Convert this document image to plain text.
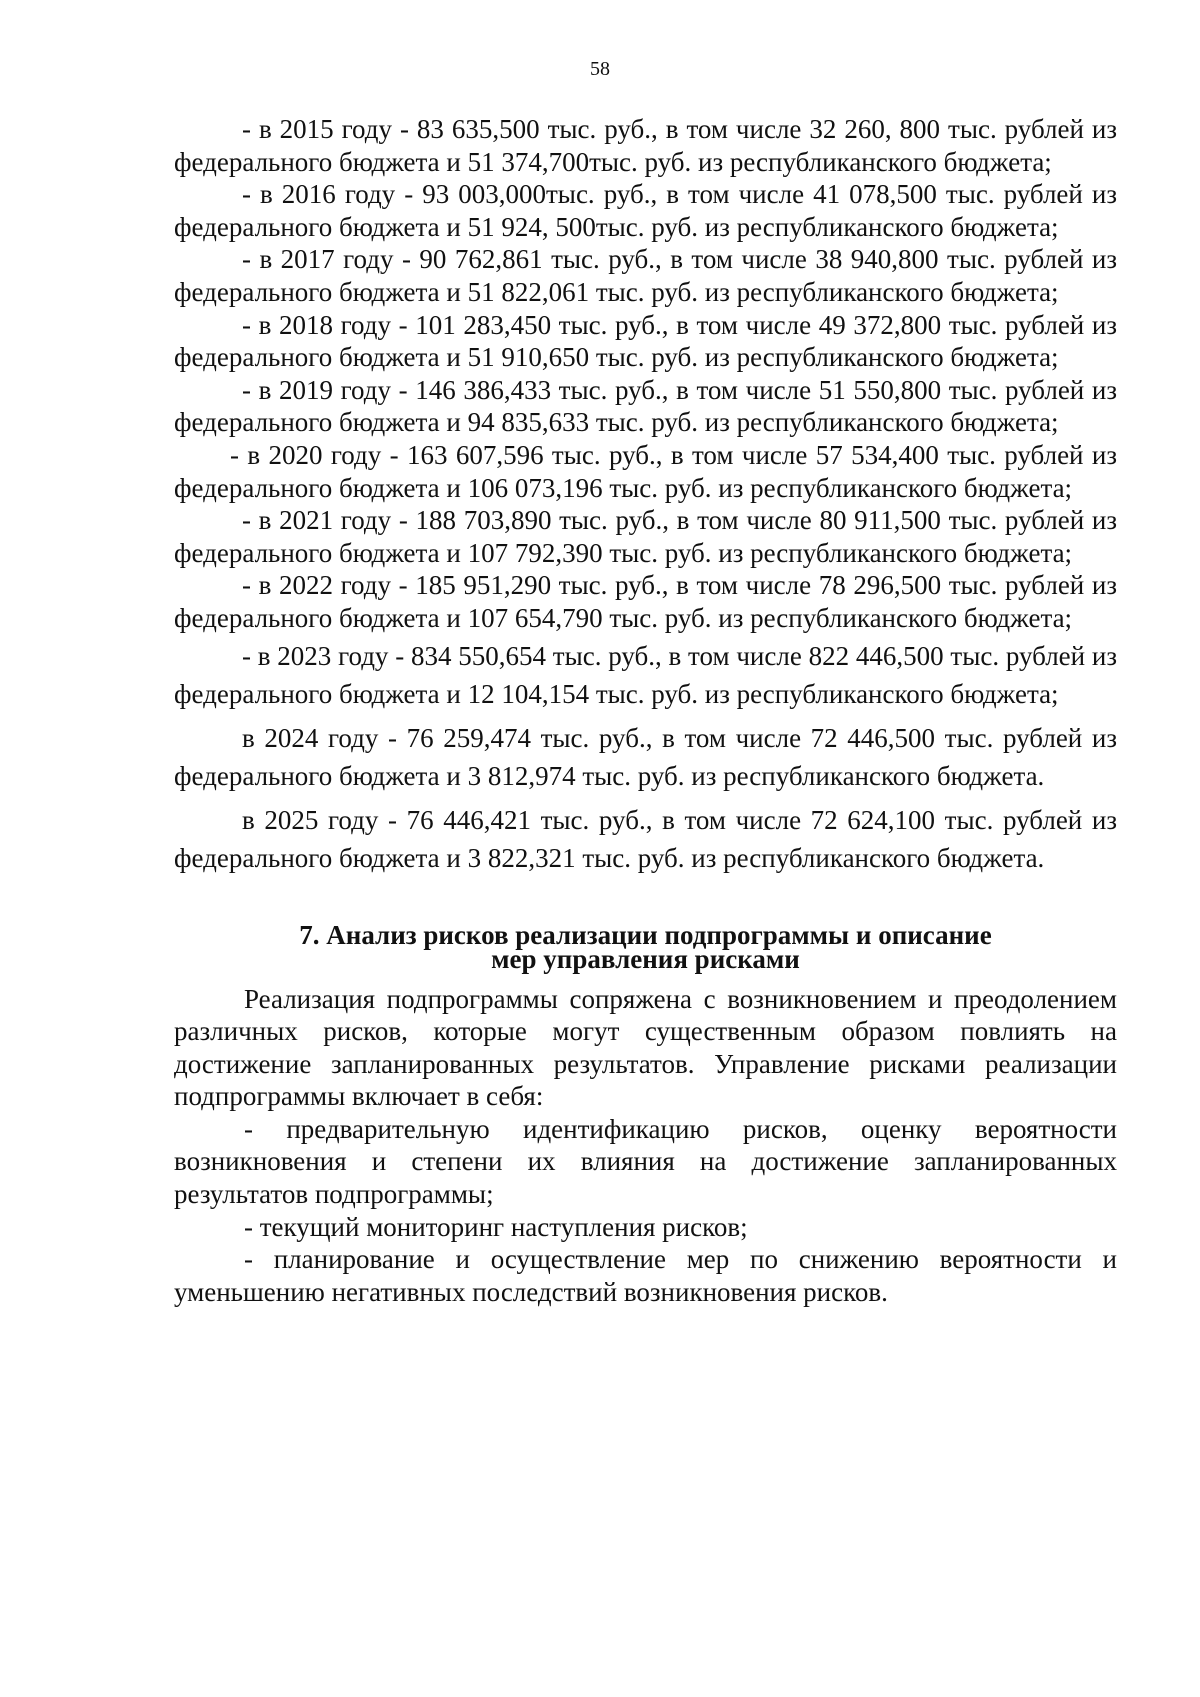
58

- в 2015 году - 83 635,500 тыс. руб., в том числе 32 260, 800 тыс. рублей из федерального бюджета и 51 374,700тыс. руб. из республиканского бюджета;

- в 2016 году - 93 003,000тыс. руб., в том числе 41 078,500 тыс. рублей из федерального бюджета и 51 924, 500тыс. руб. из республиканского бюджета;

- в 2017 году - 90 762,861 тыс. руб., в том числе 38 940,800 тыс. рублей из федерального бюджета и 51 822,061 тыс. руб. из республиканского бюджета;

- в 2018 году - 101 283,450 тыс. руб., в том числе 49 372,800 тыс. рублей из федерального бюджета и 51 910,650 тыс. руб. из республиканского бюджета;

- в 2019 году - 146 386,433 тыс. руб., в том числе 51 550,800 тыс. рублей из федерального бюджета и 94 835,633 тыс. руб. из республиканского бюджета;

- в 2020 году - 163 607,596 тыс. руб., в том числе 57 534,400 тыс. рублей из федерального бюджета и 106 073,196 тыс. руб. из республиканского бюджета;

- в 2021 году - 188 703,890 тыс. руб., в том числе 80 911,500 тыс. рублей из федерального бюджета и 107 792,390 тыс. руб. из республиканского бюджета;

- в 2022 году - 185 951,290 тыс. руб., в том числе 78 296,500 тыс. рублей из федерального бюджета и 107 654,790 тыс. руб. из республиканского бюджета;

- в 2023 году - 834 550,654 тыс. руб., в том числе 822 446,500 тыс. рублей из федерального бюджета и 12 104,154 тыс. руб. из республиканского бюджета;

в 2024 году - 76 259,474 тыс. руб., в том числе 72 446,500 тыс. рублей из федерального бюджета и 3 812,974 тыс. руб. из республиканского бюджета.

в 2025 году - 76 446,421 тыс. руб., в том числе 72 624,100 тыс. рублей из федерального бюджета и 3 822,321 тыс. руб. из республиканского бюджета.

7. Анализ рисков реализации подпрограммы и описание
мер управления рисками

Реализация подпрограммы сопряжена с возникновением и преодолением различных рисков, которые могут существенным образом повлиять на достижение запланированных результатов. Управление рисками реализации подпрограммы включает в себя:

- предварительную идентификацию рисков, оценку вероятности возникновения и степени их влияния на достижение запланированных результатов подпрограммы;

- текущий мониторинг наступления рисков;

- планирование и осуществление мер по снижению вероятности и уменьшению негативных последствий возникновения рисков.
